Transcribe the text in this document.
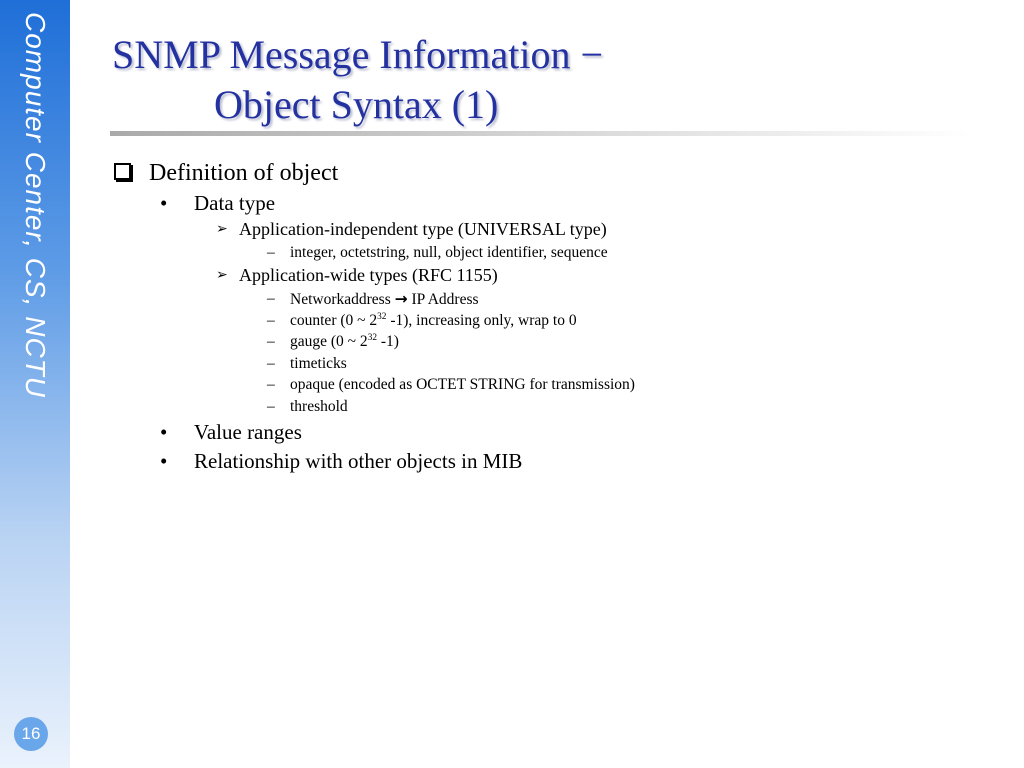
Computer Center, CS, NCTU
16
SNMP Message Information −
Object Syntax (1)
Definition of object
• Data type
➢ Application-independent type (UNIVERSAL type)
– integer, octetstring, null, object identifier, sequence
➢ Application-wide types (RFC 1155)
– Networkaddress → IP Address
– counter (0 ~ $2^{32}$ -1), increasing only, wrap to 0
– gauge (0 ~ $2^{32}$ -1)
– timeticks
– opaque (encoded as OCTET STRING for transmission)
– threshold
• Value ranges
• Relationship with other objects in MIB
